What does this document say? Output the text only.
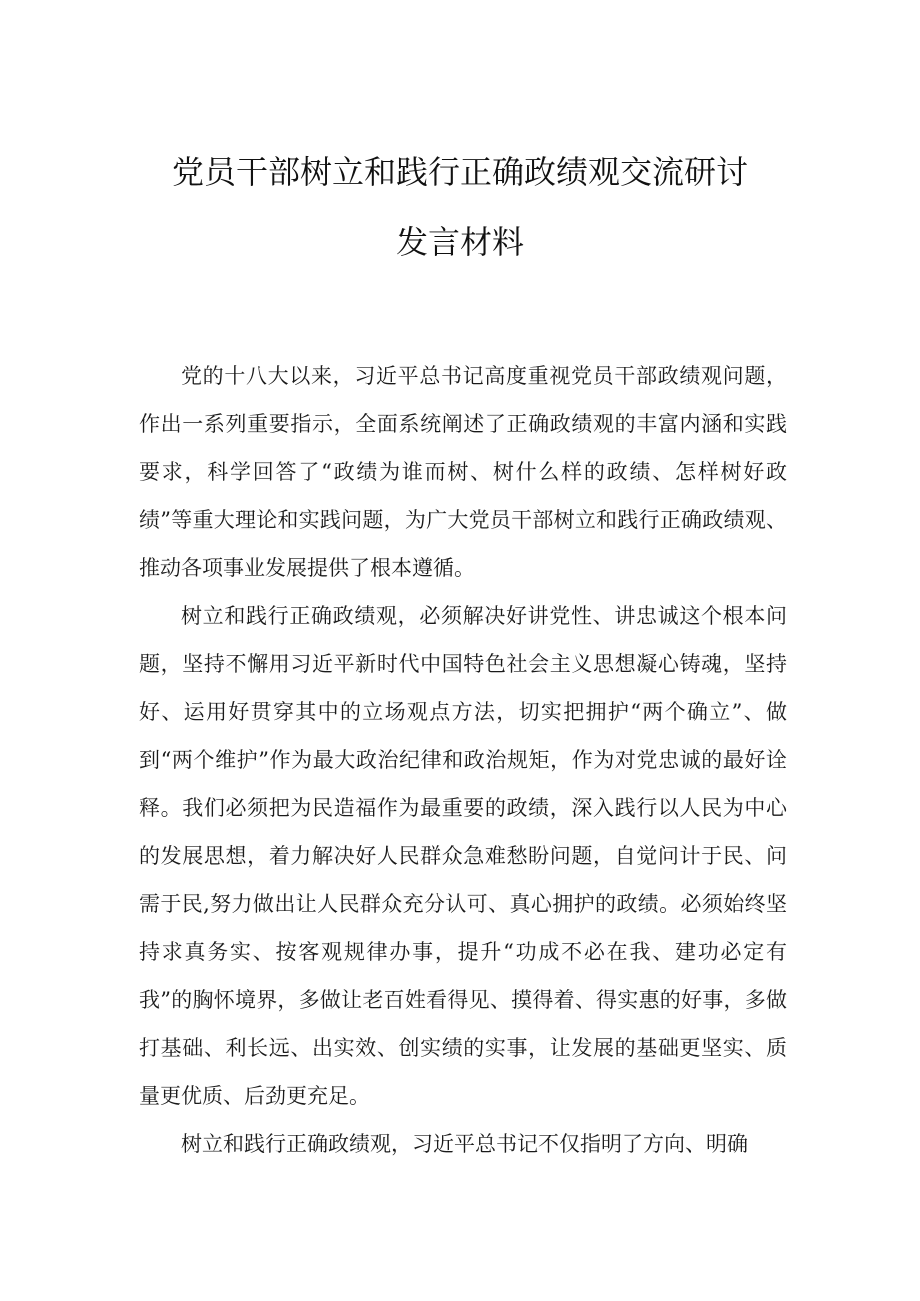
党员干部树立和践行正确政绩观交流研讨
发言材料

党的十八大以来，习近平总书记高度重视党员干部政绩观问题，作出一系列重要指示，全面系统阐述了正确政绩观的丰富内涵和实践要求，科学回答了“政绩为谁而树、树什么样的政绩、怎样树好政绩”等重大理论和实践问题，为广大党员干部树立和践行正确政绩观、推动各项事业发展提供了根本遵循。

树立和践行正确政绩观，必须解决好讲党性、讲忠诚这个根本问题，坚持不懈用习近平新时代中国特色社会主义思想凝心铸魂，坚持好、运用好贯穿其中的立场观点方法，切实把拥护“两个确立”、做到“两个维护”作为最大政治纪律和政治规矩，作为对党忠诚的最好诠释。我们必须把为民造福作为最重要的政绩，深入践行以人民为中心的发展思想，着力解决好人民群众急难愁盼问题，自觉问计于民、问需于民,努力做出让人民群众充分认可、真心拥护的政绩。必须始终坚持求真务实、按客观规律办事，提升“功成不必在我、建功必定有我”的胸怀境界，多做让老百姓看得见、摸得着、得实惠的好事，多做打基础、利长远、出实效、创实绩的实事，让发展的基础更坚实、质量更优质、后劲更充足。

树立和践行正确政绩观，习近平总书记不仅指明了方向、明确
